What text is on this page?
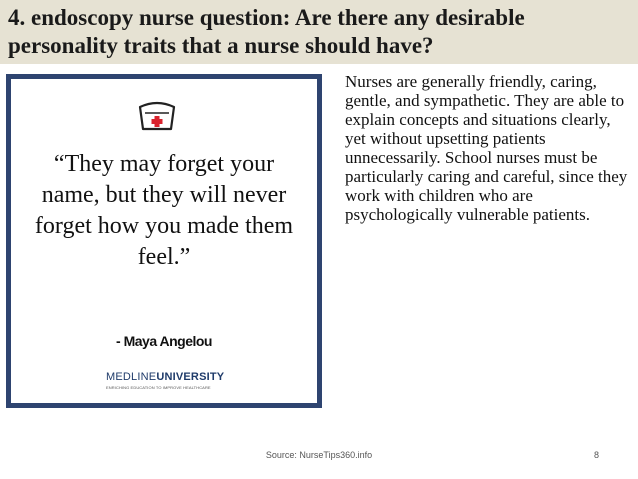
4. endoscopy nurse question: Are there any desirable personality traits that a nurse should have?
“They may forget your name, but they will never forget how you made them feel.”
- Maya Angelou
MEDLINEUNIVERSITY
ENRICHING EDUCATION TO IMPROVE HEALTHCARE
Nurses are generally friendly, caring, gentle, and sympathetic. They are able to explain concepts and situations clearly, yet without upsetting patients unnecessarily. School nurses must be particularly caring and careful, since they work with children who are psychologically vulnerable patients.
Source: NurseTips360.info	8
